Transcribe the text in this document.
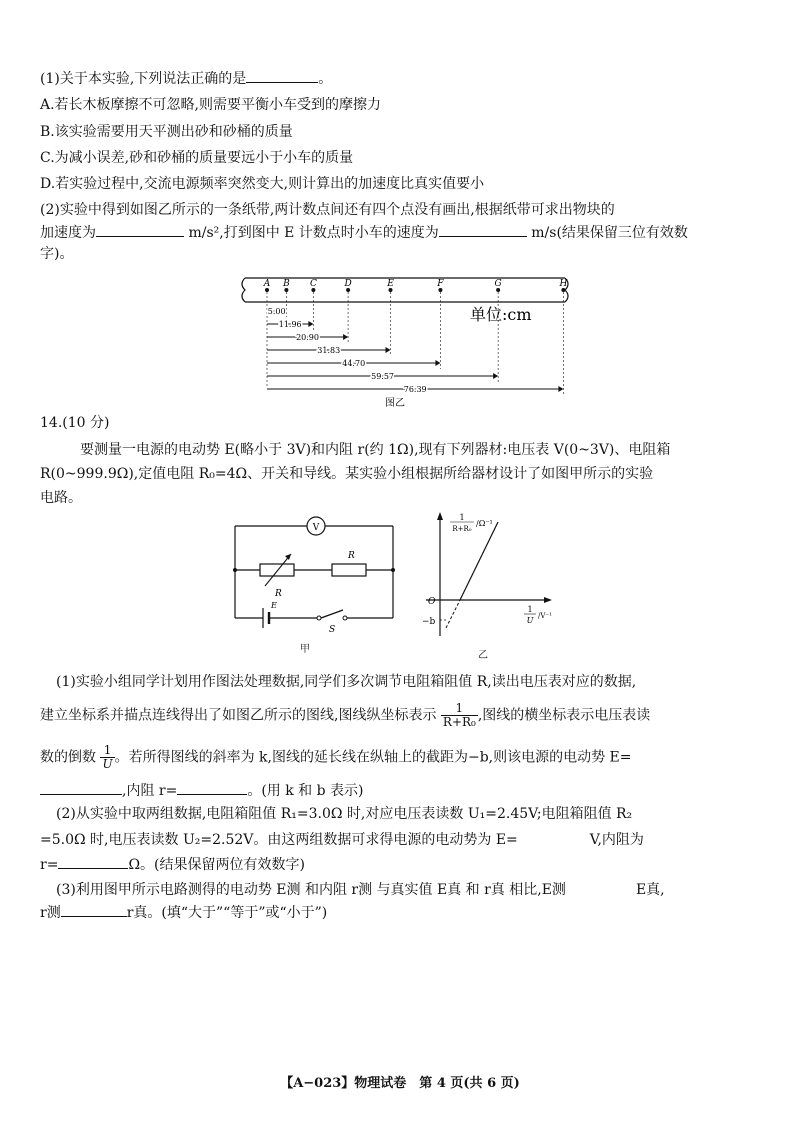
(1)关于本实验,下列说法正确的是	。
A.若长木板摩擦不可忽略,则需要平衡小车受到的摩擦力
B.该实验需要用天平测出砂和砂桶的质量
C.为减小误差,砂和砂桶的质量要远小于小车的质量
D.若实验过程中,交流电源频率突然变大,则计算出的加速度比真实值要小
(2)实验中得到如图乙所示的一条纸带,两计数点间还有四个点没有画出,根据纸带可求出物块的
加速度为	m/s²,打到图中 E 计数点时小车的速度为	m/s(结果保留三位有效数
字)。
A B C	D	E	F	G	H
5.00
11.96
20.90
31.83
44.70
59.57
76.39
单位:cm
图乙
14.(10 分)
要测量一电源的电动势 E(略小于 3V)和内阻 r(约 1Ω),现有下列器材:电压表 V(0~3V)、电阻箱
R(0~999.9Ω),定值电阻 R₀=4Ω、开关和导线。某实验小组根据所给器材设计了如图甲所示的实验
电路。
V
R
R
E
S
甲
O
−b
1
R+R₀
/Ω⁻¹
1
U /V⁻¹
乙
(1)实验小组同学计划用作图法处理数据,同学们多次调节电阻箱阻值 R,读出电压表对应的数据,
建立坐标系并描点连线得出了如图乙所示的图线,图线纵坐标表示 $\frac{1}{\text{R+R₀}}$ ,图线的横坐标表示电压表读
数的倒数 $\frac{1}{U}$ 。若所得图线的斜率为 k,图线的延长线在纵轴上的截距为−b,则该电源的电动势 E=
,内阻 r=	。(用 k 和 b 表示)
(2)从实验中取两组数据,电阻箱阻值 R₁=3.0Ω 时,对应电压表读数 U₁=2.45V;电阻箱阻值 R₂
=5.0Ω 时,电压表读数 U₂=2.52V。由这两组数据可求得电源的电动势为 E=	V,内阻为
r=	Ω。(结果保留两位有效数字)
(3)利用图甲所示电路测得的电动势 E测 和内阻 r测 与真实值 E真 和 r真 相比,E测	E真,
r测	r真。(填“大于”“等于”或“小于”)
【A−023】物理试卷　第 4 页(共 6 页)
